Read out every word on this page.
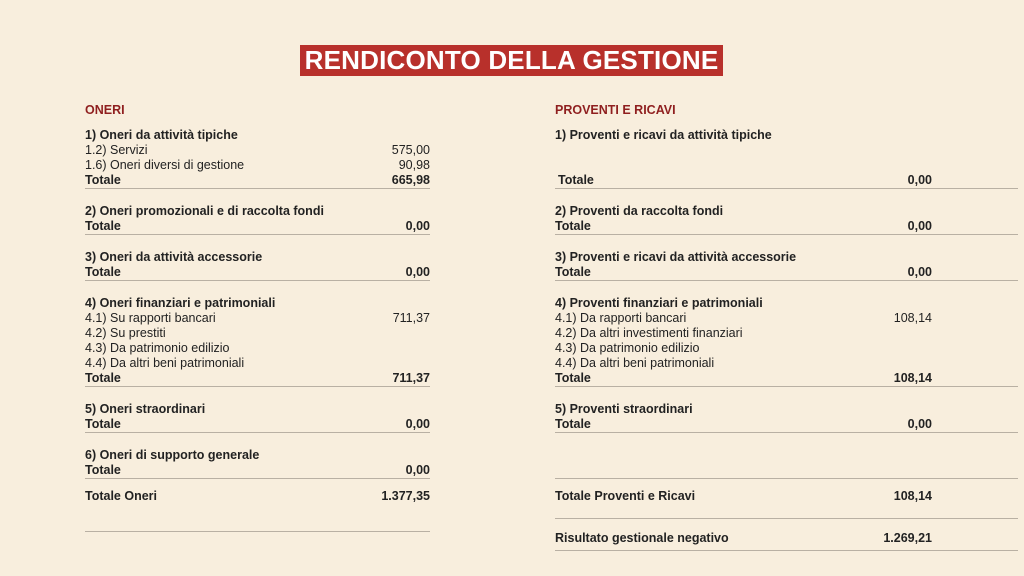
RENDICONTO DELLA GESTIONE
ONERI
1) Oneri da attività tipiche
1.2) Servizi	575,00
1.6) Oneri diversi di gestione	90,98
Totale	665,98
2) Oneri promozionali e di raccolta fondi
Totale	0,00
3) Oneri da attività accessorie
Totale	0,00
4) Oneri finanziari e patrimoniali
4.1) Su rapporti bancari	711,37
4.2) Su prestiti
4.3) Da patrimonio edilizio
4.4) Da altri beni patrimoniali
Totale	711,37
5) Oneri straordinari
Totale	0,00
6) Oneri di supporto generale
Totale	0,00
Totale Oneri	1.377,35
PROVENTI E RICAVI
1) Proventi e ricavi da attività tipiche
Totale	0,00
2) Proventi da raccolta fondi
Totale	0,00
3) Proventi e ricavi da attività accessorie
Totale	0,00
4) Proventi finanziari e patrimoniali
4.1) Da rapporti bancari	108,14
4.2) Da altri investimenti finanziari
4.3) Da patrimonio edilizio
4.4) Da altri beni patrimoniali
Totale	108,14
5) Proventi straordinari
Totale	0,00
Totale Proventi e Ricavi	108,14
Risultato gestionale negativo	1.269,21
